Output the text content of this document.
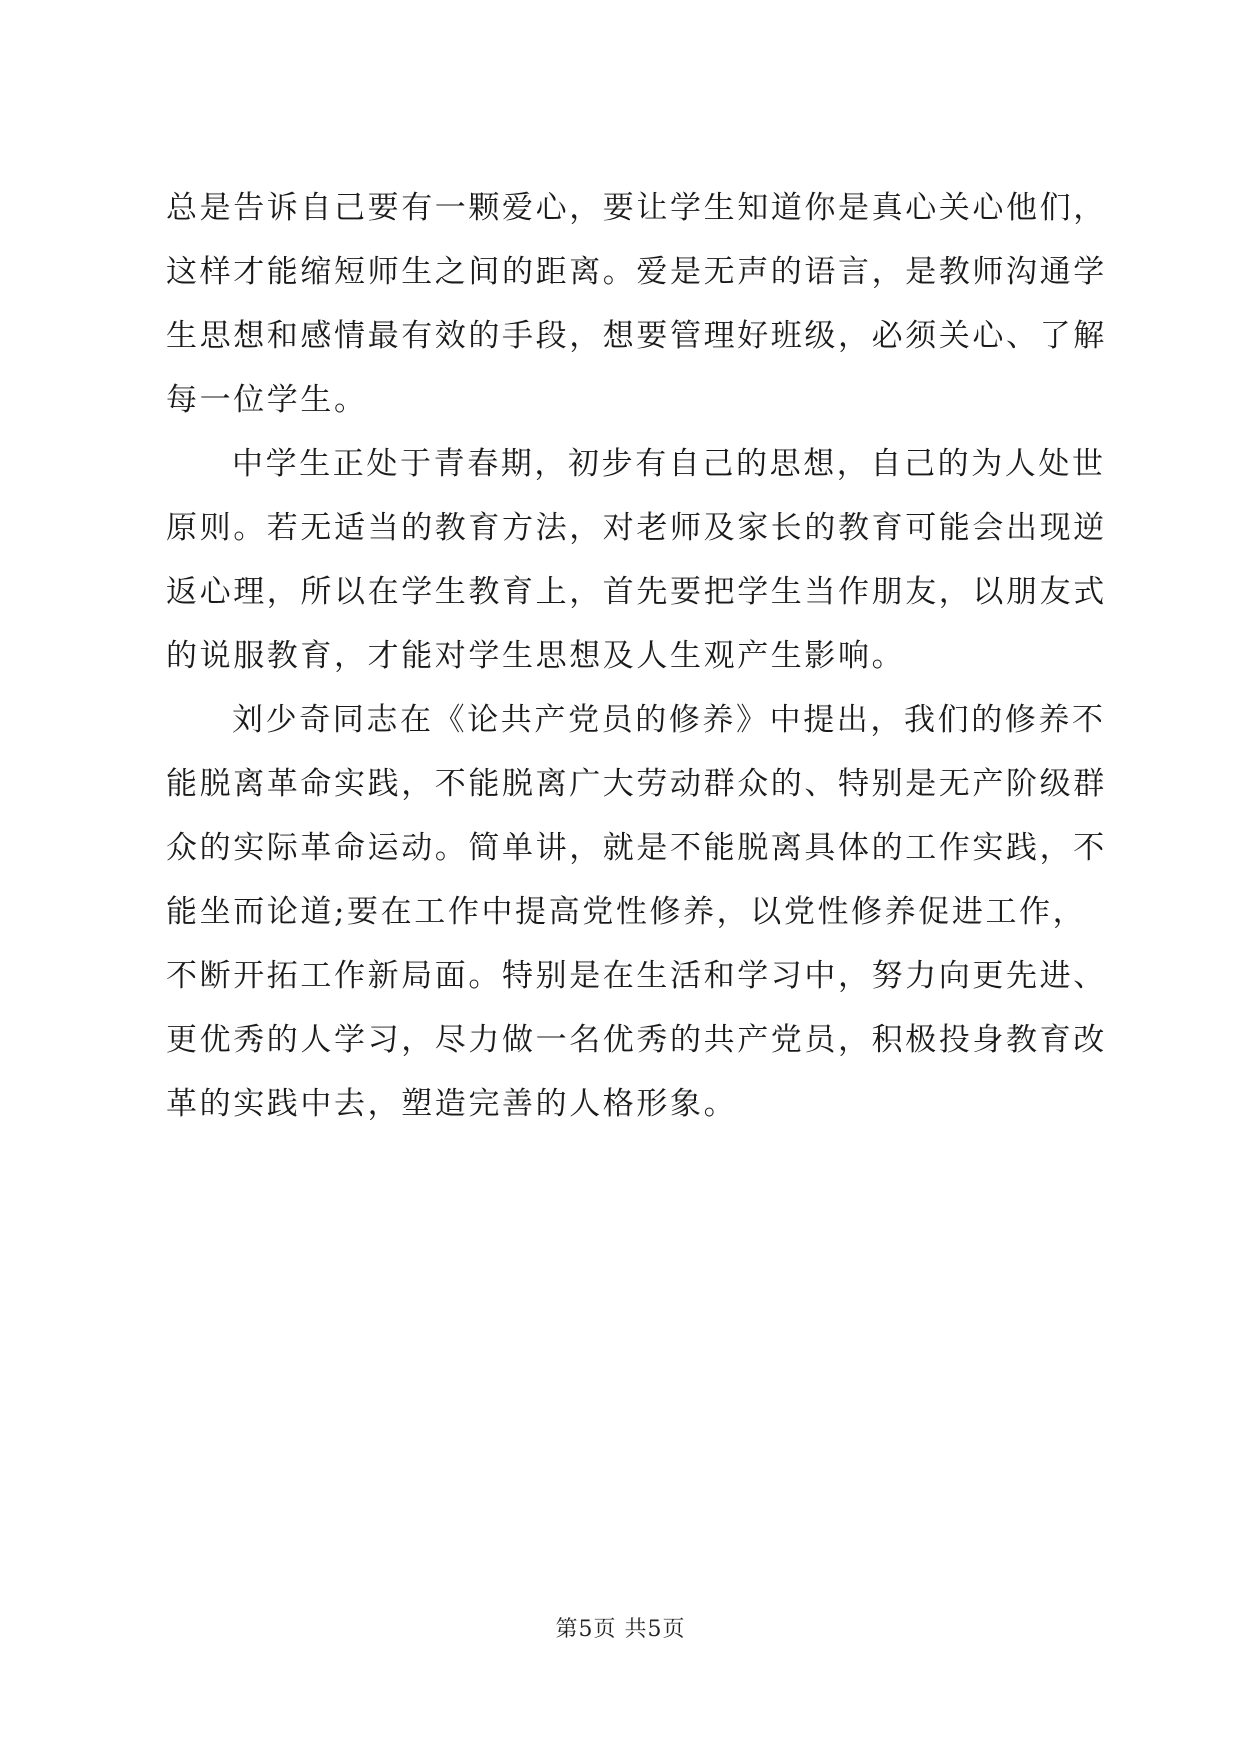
总是告诉自己要有一颗爱心，要让学生知道你是真心关心他们，
这样才能缩短师生之间的距离。爱是无声的语言，是教师沟通学
生思想和感情最有效的手段，想要管理好班级，必须关心、了解
每一位学生。
中学生正处于青春期，初步有自己的思想，自己的为人处世
原则。若无适当的教育方法，对老师及家长的教育可能会出现逆
返心理，所以在学生教育上，首先要把学生当作朋友，以朋友式
的说服教育，才能对学生思想及人生观产生影响。
刘少奇同志在《论共产党员的修养》中提出，我们的修养不
能脱离革命实践，不能脱离广大劳动群众的、特别是无产阶级群
众的实际革命运动。简单讲，就是不能脱离具体的工作实践，不
能坐而论道;要在工作中提高党性修养，以党性修养促进工作，
不断开拓工作新局面。特别是在生活和学习中，努力向更先进、
更优秀的人学习，尽力做一名优秀的共产党员，积极投身教育改
革的实践中去，塑造完善的人格形象。
第5页 共5页
